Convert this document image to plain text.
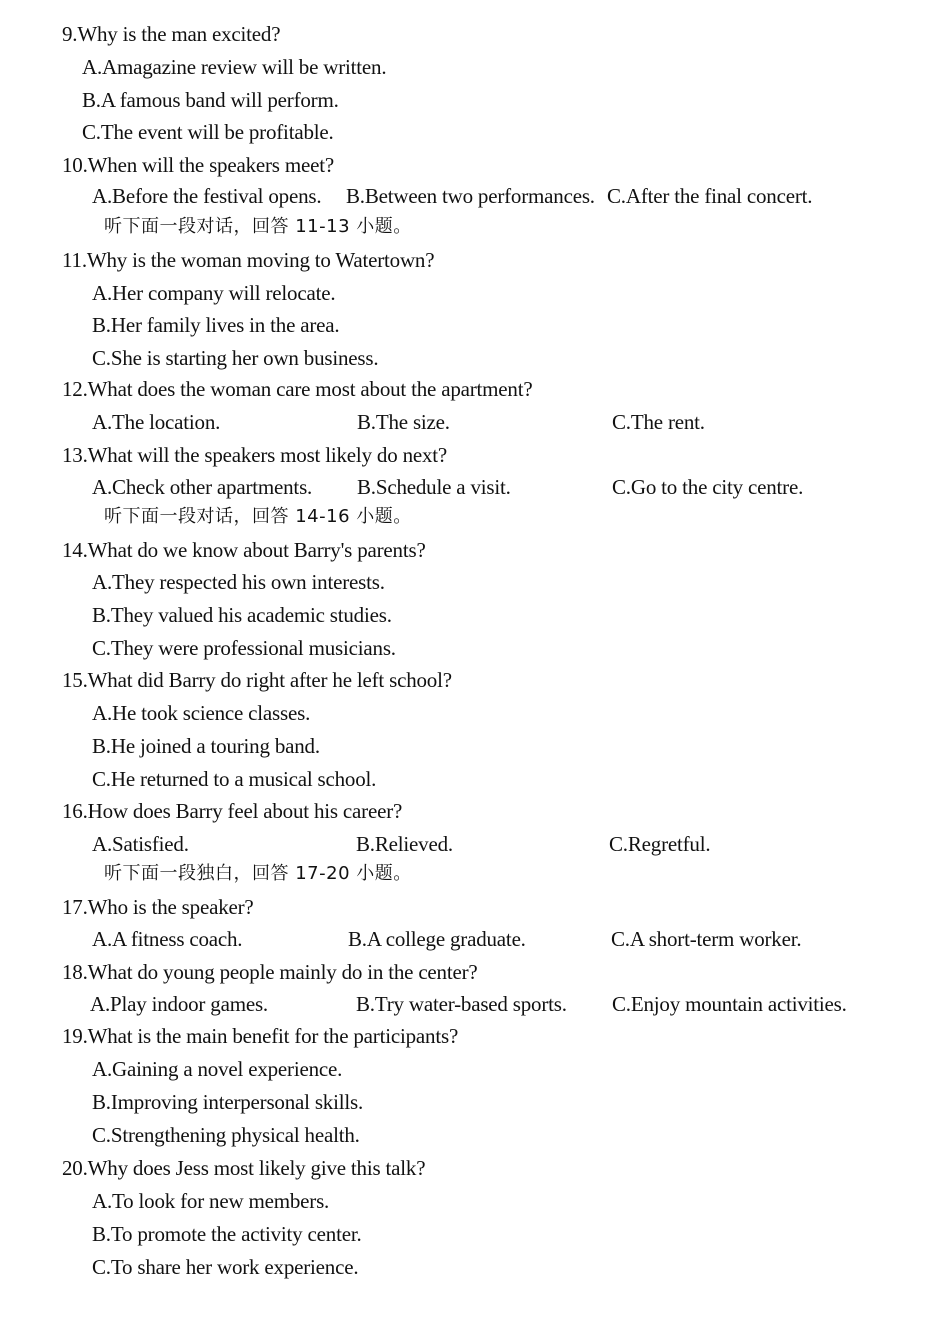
9.Why is the man excited?
A.Amagazine review will be written.
B.A famous band will perform.
C.The event will be profitable.
10.When will the speakers meet?
A.Before the festival opens. B.Between two performances. C.After the final concert.
听下面一段对话，回答 11-13 小题。
11.Why is the woman moving to Watertown?
A.Her company will relocate.
B.Her family lives in the area.
C.She is starting her own business.
12.What does the woman care most about the apartment?
A.The location.	B.The size.	C.The rent.
13.What will the speakers most likely do next?
A.Check other apartments. B.Schedule a visit.	C.Go to the city centre.
听下面一段对话，回答 14-16 小题。
14.What do we know about Barry's parents?
A.They respected his own interests.
B.They valued his academic studies.
C.They were professional musicians.
15.What did Barry do right after he left school?
A.He took science classes.
B.He joined a touring band.
C.He returned to a musical school.
16.How does Barry feel about his career?
A.Satisfied.	B.Relieved.	C.Regretful.
听下面一段独白，回答 17-20 小题。
17.Who is the speaker?
A.A fitness coach.	B.A college graduate.	C.A short-term worker.
18.What do young people mainly do in the center?
A.Play indoor games.	B.Try water-based sports. C.Enjoy mountain activities.
19.What is the main benefit for the participants?
A.Gaining a novel experience.
B.Improving interpersonal skills.
C.Strengthening physical health.
20.Why does Jess most likely give this talk?
A.To look for new members.
B.To promote the activity center.
C.To share her work experience.
